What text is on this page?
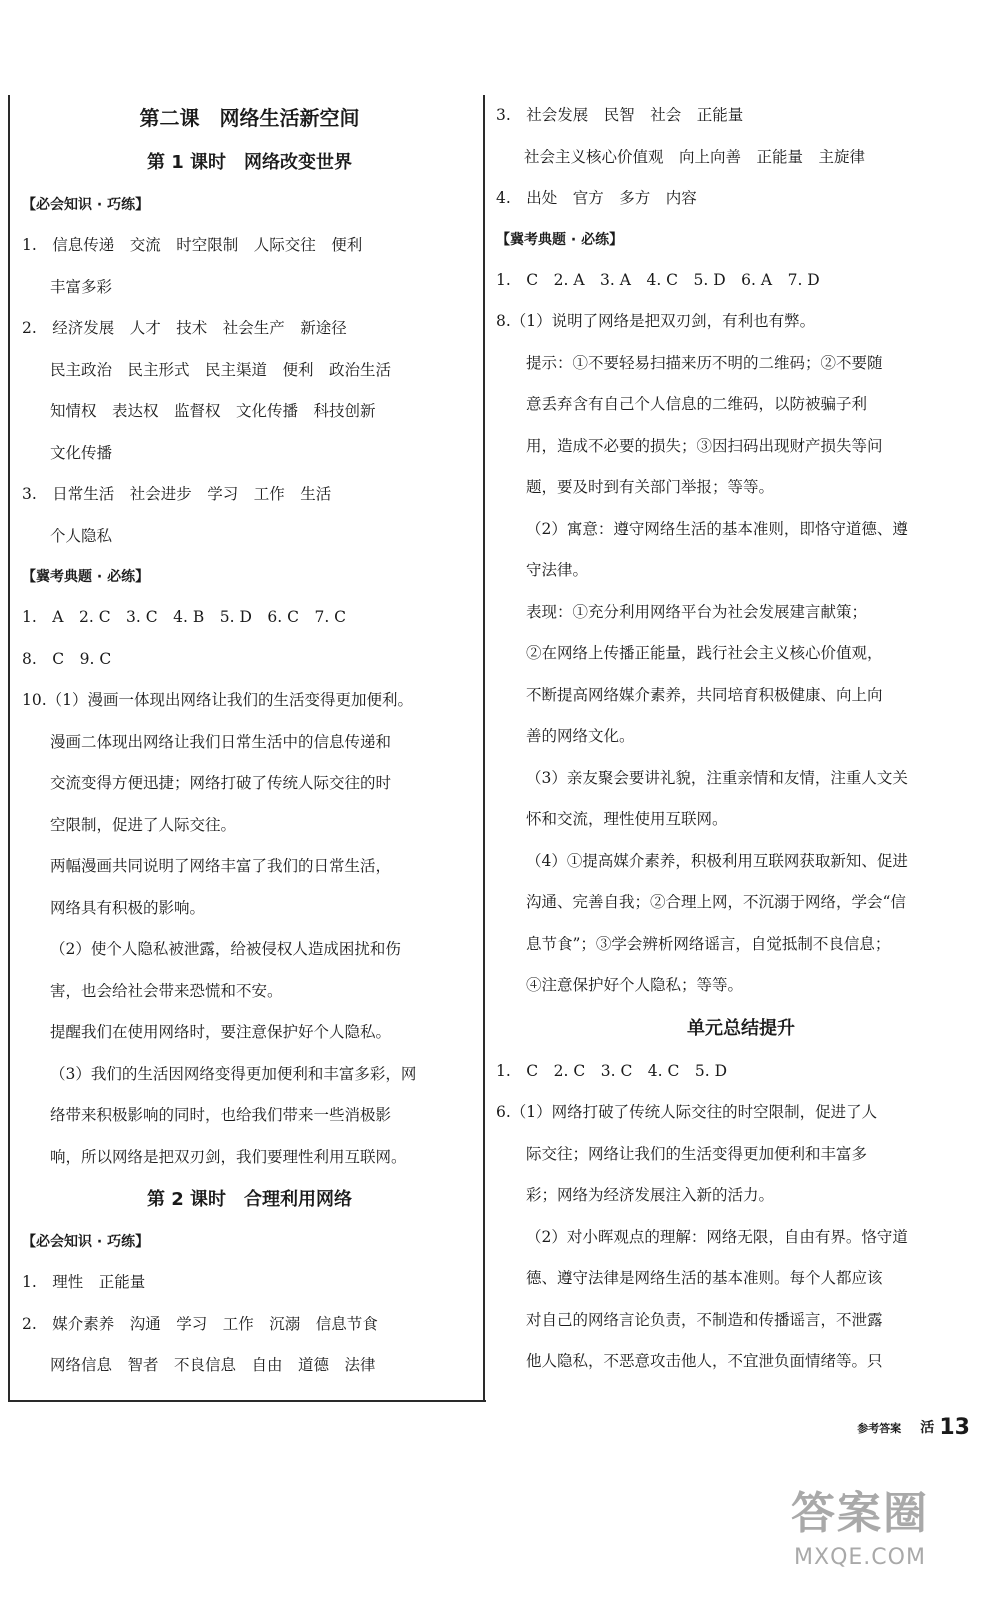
第二课　网络生活新空间
第 1 课时　网络改变世界
【必会知识 · 巧练】
1.　信息传递　交流　时空限制　人际交往　便利
丰富多彩
2.　经济发展　人才　技术　社会生产　新途径
民主政治　民主形式　民主渠道　便利　政治生活
知情权　表达权　监督权　文化传播　科技创新
文化传播
3.　日常生活　社会进步　学习　工作　生活
个人隐私
【冀考典题 · 必练】
1.　A　2. C　3. C　4. B　5. D　6. C　7. C
8.　C　9. C
10.（1）漫画一体现出网络让我们的生活变得更加便利。
漫画二体现出网络让我们日常生活中的信息传递和
交流变得方便迅捷；网络打破了传统人际交往的时
空限制，促进了人际交往。
两幅漫画共同说明了网络丰富了我们的日常生活，
网络具有积极的影响。
（2）使个人隐私被泄露，给被侵权人造成困扰和伤
害，也会给社会带来恐慌和不安。
提醒我们在使用网络时，要注意保护好个人隐私。
（3）我们的生活因网络变得更加便利和丰富多彩，网
络带来积极影响的同时，也给我们带来一些消极影
响，所以网络是把双刃剑，我们要理性利用互联网。
第 2 课时　合理利用网络
【必会知识 · 巧练】
1.　理性　正能量
2.　媒介素养　沟通　学习　工作　沉溺　信息节食
网络信息　智者　不良信息　自由　道德　法律
3.　社会发展　民智　社会　正能量
社会主义核心价值观　向上向善　正能量　主旋律
4.　出处　官方　多方　内容
【冀考典题 · 必练】
1.　C　2. A　3. A　4. C　5. D　6. A　7. D
8.（1）说明了网络是把双刃剑，有利也有弊。
提示：①不要轻易扫描来历不明的二维码；②不要随
意丢弃含有自己个人信息的二维码，以防被骗子利
用，造成不必要的损失；③因扫码出现财产损失等问
题，要及时到有关部门举报；等等。
（2）寓意：遵守网络生活的基本准则，即恪守道德、遵
守法律。
表现：①充分利用网络平台为社会发展建言献策；
②在网络上传播正能量，践行社会主义核心价值观，
不断提高网络媒介素养，共同培育积极健康、向上向
善的网络文化。
（3）亲友聚会要讲礼貌，注重亲情和友情，注重人文关
怀和交流，理性使用互联网。
（4）①提高媒介素养，积极利用互联网获取新知、促进
沟通、完善自我；②合理上网，不沉溺于网络，学会“信
息节食”；③学会辨析网络谣言，自觉抵制不良信息；
④注意保护好个人隐私；等等。
单元总结提升
1.　C　2. C　3. C　4. C　5. D
6.（1）网络打破了传统人际交往的时空限制，促进了人
际交往；网络让我们的生活变得更加便利和丰富多
彩；网络为经济发展注入新的活力。
（2）对小晖观点的理解：网络无限，自由有界。恪守道
德、遵守法律是网络生活的基本准则。每个人都应该
对自己的网络言论负责，不制造和传播谣言，不泄露
他人隐私，不恶意攻击他人，不宜泄负面情绪等。只
参考答案 活 13
答案圈
MXQE.COM
